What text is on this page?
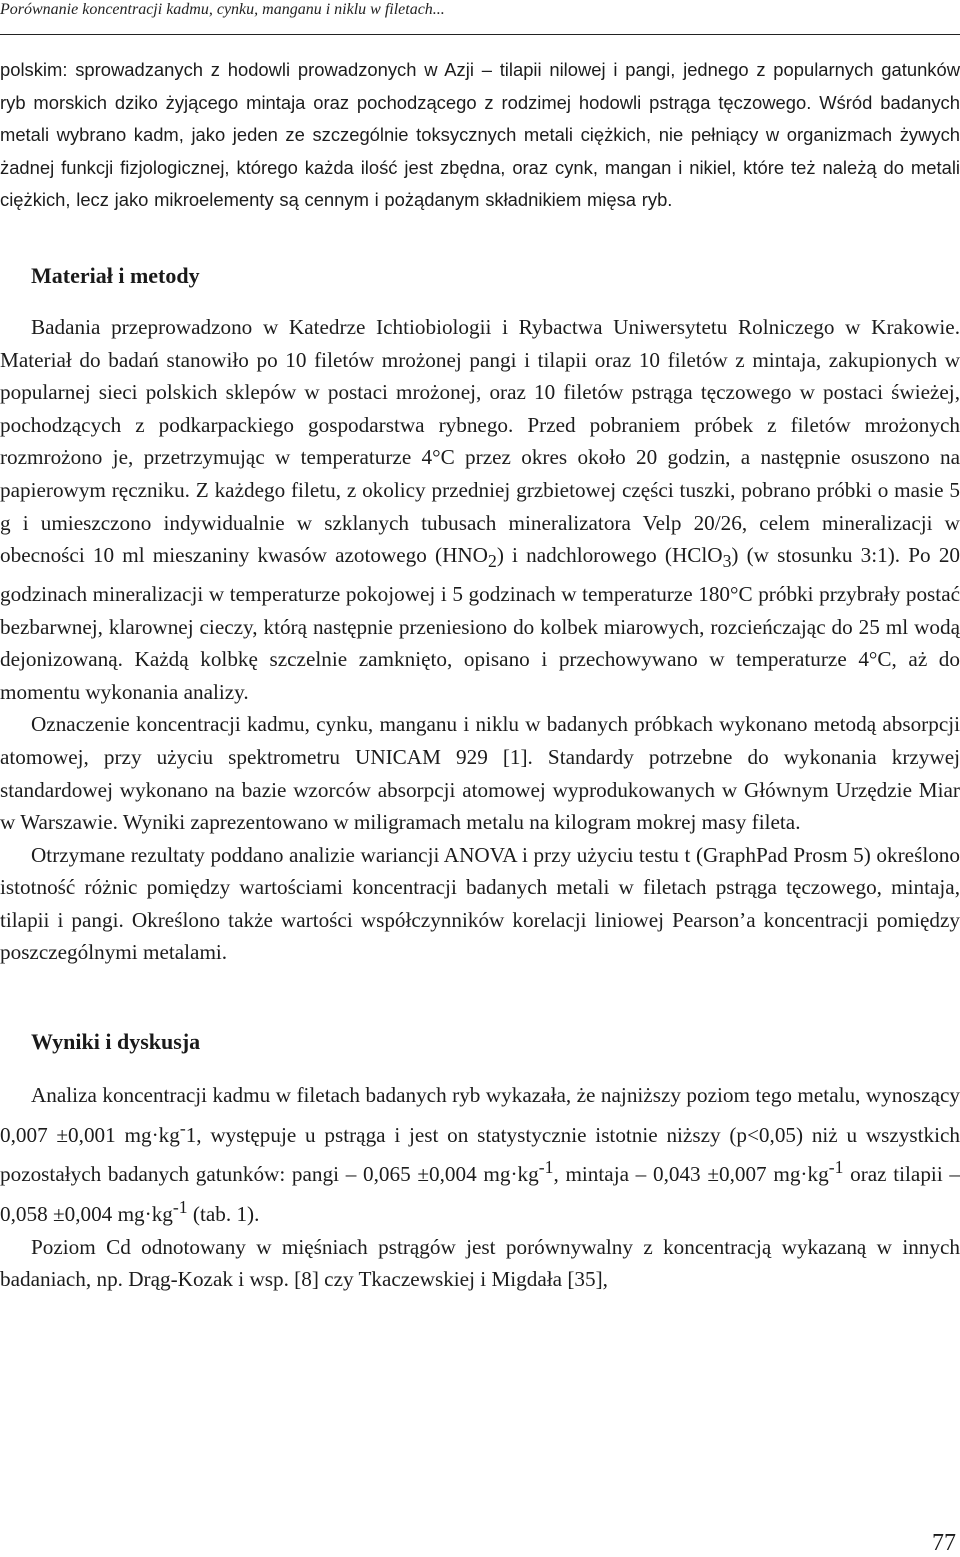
Porównanie koncentracji kadmu, cynku, manganu i niklu w filetach...

polskim: sprowadzanych z hodowli prowadzonych w Azji – tilapii nilowej i pangi, jednego z popularnych gatunków ryb morskich dziko żyjącego mintaja oraz pochodzącego z rodzimej hodowli pstrąga tęczowego. Wśród badanych metali wybrano kadm, jako jeden ze szczególnie toksycznych metali ciężkich, nie pełniący w organizmach żywych żadnej funkcji fizjologicznej, którego każda ilość jest zbędna, oraz cynk, mangan i nikiel, które też należą do metali ciężkich, lecz jako mikroelementy są cennym i pożądanym składnikiem mięsa ryb.

Materiał i metody

Badania przeprowadzono w Katedrze Ichtiobiologii i Rybactwa Uniwersytetu Rolniczego w Krakowie. Materiał do badań stanowiło po 10 filetów mrożonej pangi i tilapii oraz 10 filetów z mintaja, zakupionych w popularnej sieci polskich sklepów w postaci mrożonej, oraz 10 filetów pstrąga tęczowego w postaci świeżej, pochodzących z podkarpackiego gospodarstwa rybnego. Przed pobraniem próbek z filetów mrożonych rozmrożono je, przetrzymując w temperaturze 4°C przez okres około 20 godzin, a następnie osuszono na papierowym ręczniku. Z każdego filetu, z okolicy przedniej grzbietowej części tuszki, pobrano próbki o masie 5 g i umieszczono indywidualnie w szklanych tubusach mineralizatora Velp 20/26, celem mineralizacji w obecności 10 ml mieszaniny kwasów azotowego $(HNO_2)$ i nadchlorowego (HClO$_3$) (w stosunku 3:1). Po 20 godzinach mineralizacji w temperaturze pokojowej i 5 godzinach w temperaturze 180°C próbki przybrały postać bezbarwnej, klarownej cieczy, którą następnie przeniesiono do kolbek miarowych, rozcieńczając do 25 ml wodą dejonizowaną. Każdą kolbkę szczelnie zamknięto, opisano i przechowywano w temperaturze 4°C, aż do momentu wykonania analizy.

Oznaczenie koncentracji kadmu, cynku, manganu i niklu w badanych próbkach wykonano metodą absorpcji atomowej, przy użyciu spektrometru UNICAM 929 [1]. Standardy potrzebne do wykonania krzywej standardowej wykonano na bazie wzorców absorpcji atomowej wyprodukowanych w Głównym Urzędzie Miar w Warszawie. Wyniki zaprezentowano w miligramach metalu na kilogram mokrej masy fileta.

Otrzymane rezultaty poddano analizie wariancji ANOVA i przy użyciu testu t (GraphPad Prosm 5) określono istotność różnic pomiędzy wartościami koncentracji badanych metali w filetach pstrąga tęczowego, mintaja, tilapii i pangi. Określono także wartości współczynników korelacji liniowej Pearson’a koncentracji pomiędzy poszczególnymi metalami.

Wyniki i dyskusja

Analiza koncentracji kadmu w filetach badanych ryb wykazała, że najniższy poziom tego metalu, wynoszący 0,007 ±0,001 mg·kg-1, występuje u pstrąga i jest on statystycznie istotnie niższy (p<0,05) niż u wszystkich pozostałych badanych gatunków: pangi – 0,065 ±0,004 $mg\cdot kg^{-1}$, mintaja – 0,043 ±0,007 $mg\cdot kg^{-1}$ oraz tilapii – 0,058 ±0,004 $mg\cdot kg^{-1}$ (tab. 1).

Poziom Cd odnotowany w mięśniach pstrągów jest porównywalny z koncentracją wykazaną w innych badaniach, np. Drąg-Kozak i wsp. [8] czy Tkaczewskiej i Migdała [35],

77
